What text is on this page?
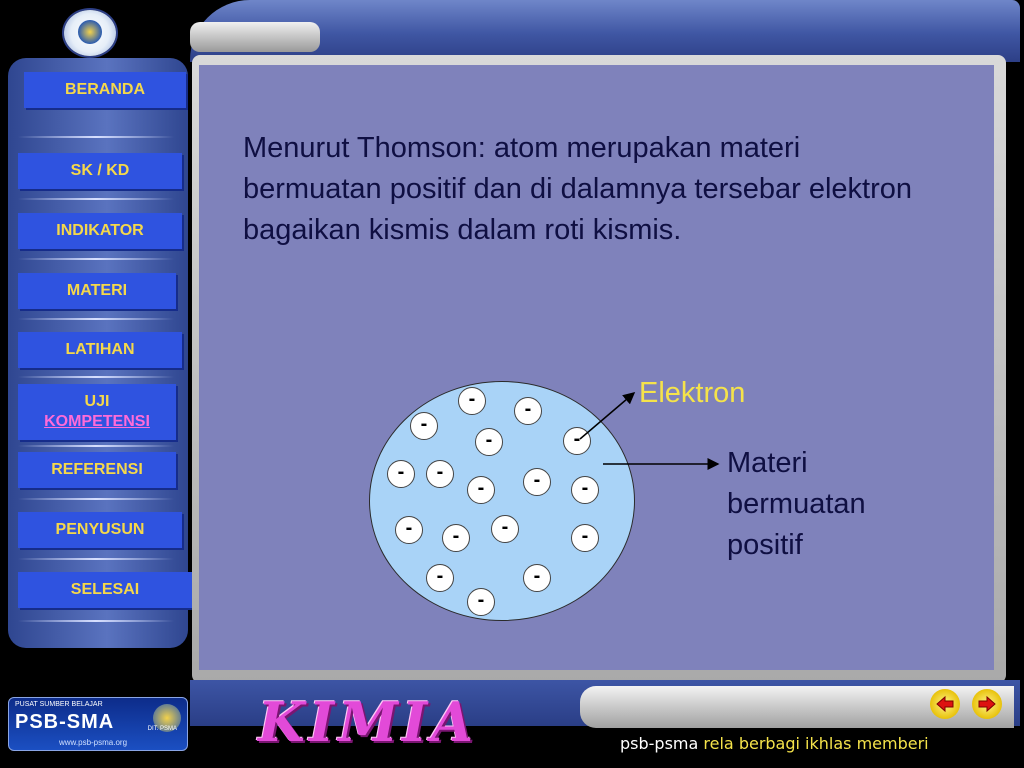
BERANDA
SK / KD
INDIKATOR
MATERI
LATIHAN
UJI
KOMPETENSI
REFERENSI
PENYUSUN
SELESAI
Menurut Thomson: atom merupakan materi bermuatan positif dan di dalamnya tersebar elektron bagaikan kismis dalam roti kismis.
-	-
-
-	-
-	-
-	-	-
-	-	-	-
-	-
-
Elektron
Materi bermuatan positif
PUSAT SUMBER BELAJAR
PSB-SMA
www.psb-psma.org
DIT. PSMA KIMIA	psb-psma rela berbagi ikhlas memberi
